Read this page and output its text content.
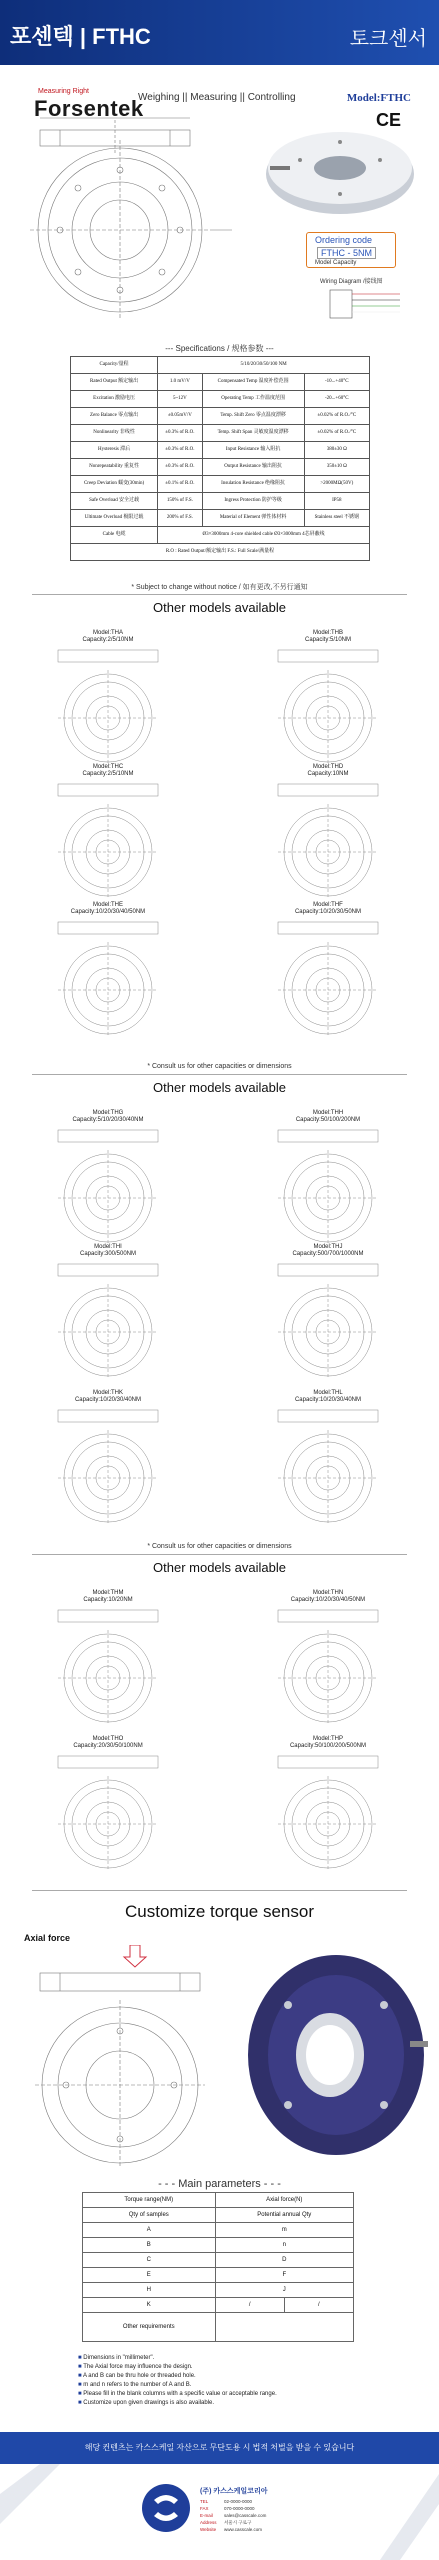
포센텍 | FTHC	토크센서
Measuring Right
Forsentek
Weighing || Measuring || Controlling	Model:FTHC
CE
Ordering code
FTHC - 5NM
Model Capacity
Wiring Diagram /接线图
--- Specifications / 规格参数 ---
Capacity/量程	5/10/20/30/50/100 NM		
Rated Output 额定输出	1.0 mV/V	Compensated Temp 温度补偿范围	-10...+40°C
Excitation 激励电压	5~12V	Operating Temp 工作温度范围	-20...+60°C
Zero Balance 零点输出	±0.05mV/V	Temp. Shift Zero 零点温度漂移	±0.02% of R.O./°C
Nonlinearity 非线性	±0.3% of R.O.	Temp. Shift Span 灵敏度温度漂移	±0.02% of R.O./°C
Hysteresis 滞后	±0.3% of R.O.	Input Resistance 输入阻抗	380±30 Ω
Nonrepeatability 重复性	±0.3% of R.O.	Output Resistance 输出阻抗	350±10 Ω
Creep Deviation 蠕变(30min)	±0.1% of R.O.	Insulation Resistance 绝缘阻抗	>2000MΩ(50V)
Safe Overload 安全过载	150% of F.S.	Ingress Protection 防护等级	IP58
Ultimate Overload 极限过载	200% of F.S.	Material of Element 弹性体材料	Stainless steel 不锈钢
Cable 电缆	Ø3×3000mm 4-core shielded cable Ø3×3000mm 4芯屏蔽线		
R.O : Rated Output/额定输出 F.S.: Full Scale/满量程			
* Subject to change without notice / 如有更改,不另行通知
Other models available
Model:THA
Capacity:2/5/10NM
Model:THB
Capacity:5/10NM
Model:THC
Capacity:2/5/10NM
Model:THD
Capacity:10NM
Model:THE
Capacity:10/20/30/40/50NM
Model:THF
Capacity:10/20/30/50NM
* Consult us for other capacities or dimensions
Other models available
Model:THG
Capacity:5/10/20/30/40NM
Model:THH
Capacity:50/100/200NM
Model:THI
Capacity:300/500NM
Model:THJ
Capacity:500/700/1000NM
Model:THK
Capacity:10/20/30/40NM
Model:THL
Capacity:10/20/30/40NM
* Consult us for other capacities or dimensions
Other models available
Model:THM
Capacity:10/20NM
Model:THN
Capacity:10/20/30/40/50NM
Model:THO
Capacity:20/30/50/100NM
Model:THP
Capacity:50/100/200/500NM
Customize torque sensor
Axial force
- - - Main parameters - - -
Torque range(NM)	Axial force(N)	
Qty of samples	Potential annual Qty	
A	m	
B	n	
C	D	
E	F	
H	J	
K	/	/
Other requirements		
■ Dimensions in "millimeter".
■ The Axial force may influence the design.
■ A and B can be thru hole or threaded hole.
■ m and n refers to the number of A and B.
■ Please fill in the blank columns with a specific value or acceptable range.
■ Customize upon given drawings is also available.
해당 컨텐츠는 카스스케일 자산으로 무단도용 시 법적 처벌을 받을 수 있습니다
(주) 카스스케일코리아
TEL	02-0000-0000
FAX	070-0000-0000
E-mail sales@casscale.com
Address 서울시 구로구
Website www.casscale.com
